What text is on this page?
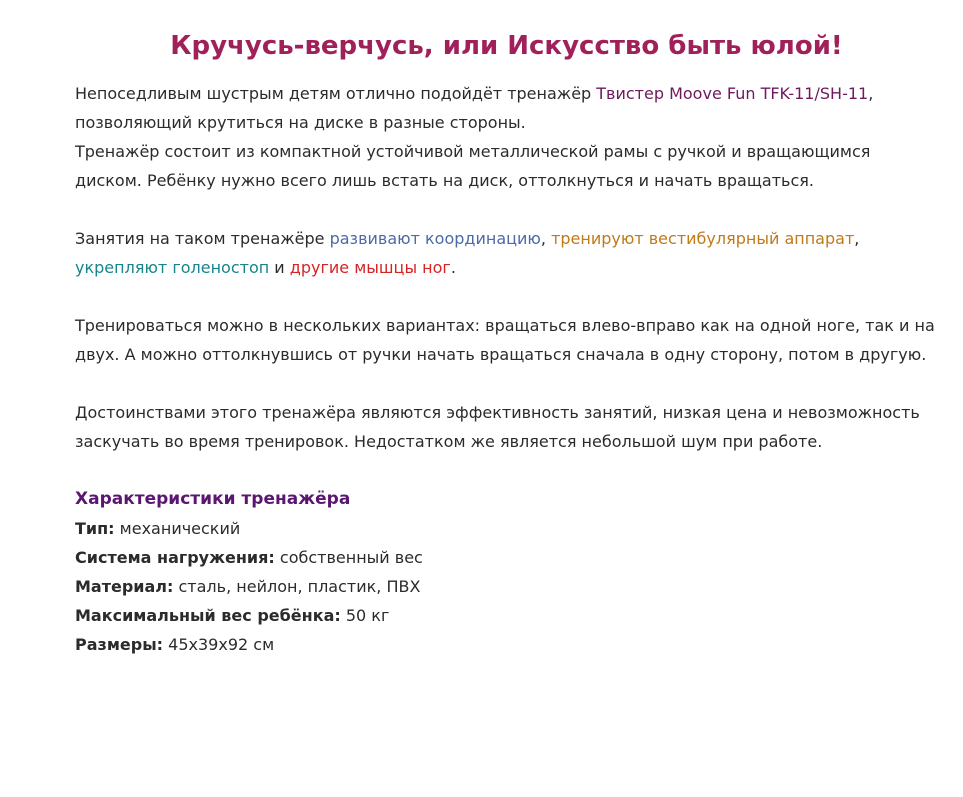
Кручусь-верчусь, или Искусство быть юлой!

Непоседливым шустрым детям отлично подойдёт тренажёр Твистер Moove Fun TFK-11/SH-11, позволяющий крутиться на диске в разные стороны.

Тренажёр состоит из компактной устойчивой металлической рамы с ручкой и вращающимся диском. Ребёнку нужно всего лишь встать на диск, оттолкнуться и начать вращаться.

Занятия на таком тренажёре развивают координацию, тренируют вестибулярный аппарат, укрепляют голеностоп и другие мышцы ног.

Тренироваться можно в нескольких вариантах: вращаться влево-вправо как на одной ноге, так и на двух. А можно оттолкнувшись от ручки начать вращаться сначала в одну сторону, потом в другую.

Достоинствами этого тренажёра являются эффективность занятий, низкая цена и невозможность заскучать во время тренировок. Недостатком же является небольшой шум при работе.

Характеристики тренажёра
Тип: механический
Система нагружения: собственный вес
Материал: сталь, нейлон, пластик, ПВХ
Максимальный вес ребёнка: 50 кг
Размеры: 45x39x92 см
